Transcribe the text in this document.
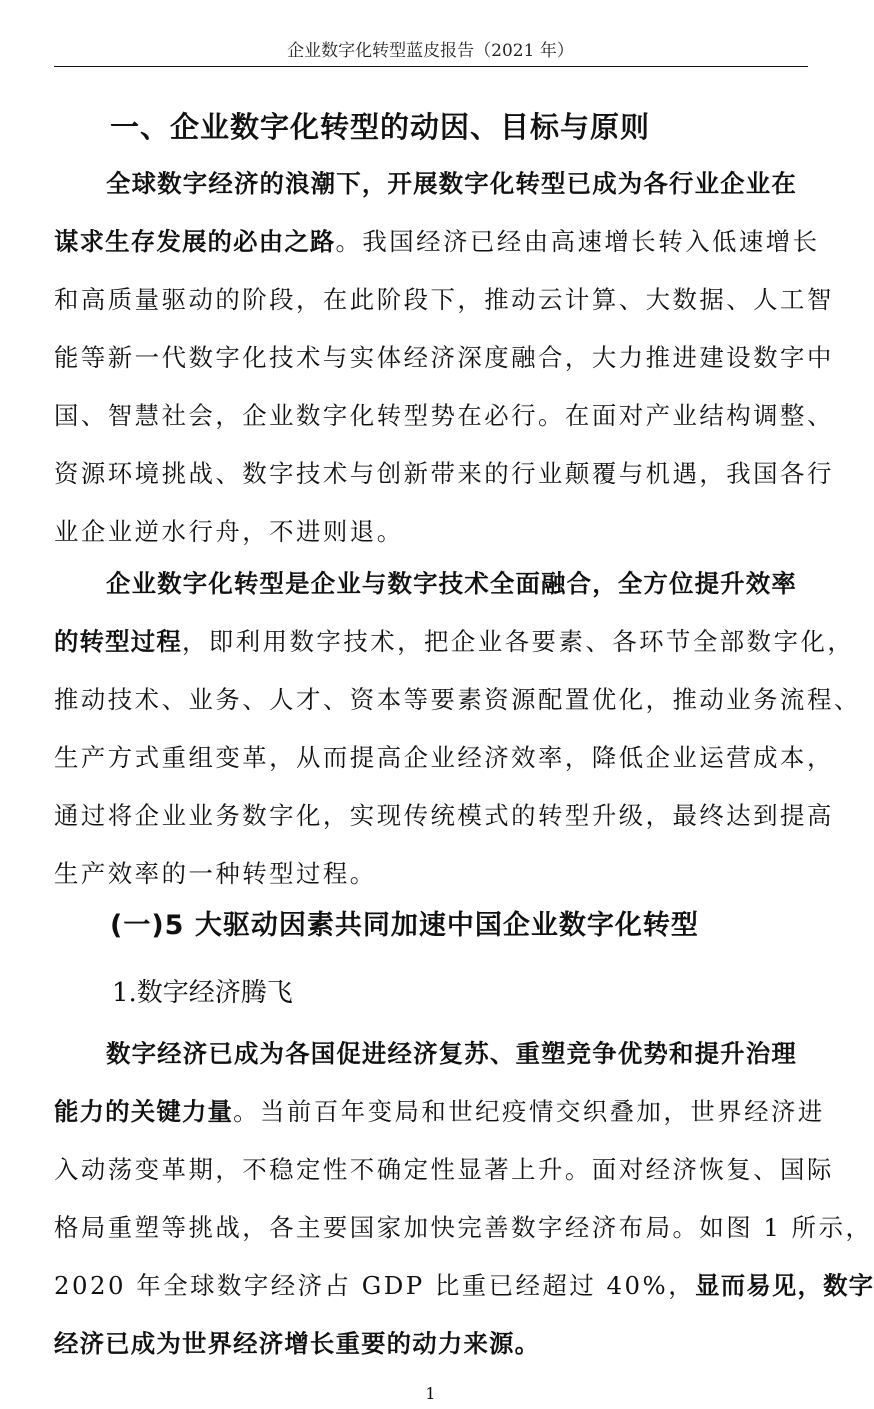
企业数字化转型蓝皮报告（2021 年）
一、企业数字化转型的动因、目标与原则
全球数字经济的浪潮下，开展数字化转型已成为各行业企业在
谋求生存发展的必由之路。我国经济已经由高速增长转入低速增长
和高质量驱动的阶段，在此阶段下，推动云计算、大数据、人工智
能等新一代数字化技术与实体经济深度融合，大力推进建设数字中
国、智慧社会，企业数字化转型势在必行。在面对产业结构调整、
资源环境挑战、数字技术与创新带来的行业颠覆与机遇，我国各行
业企业逆水行舟，不进则退。
企业数字化转型是企业与数字技术全面融合，全方位提升效率
的转型过程，即利用数字技术，把企业各要素、各环节全部数字化，
推动技术、业务、人才、资本等要素资源配置优化，推动业务流程、
生产方式重组变革，从而提高企业经济效率，降低企业运营成本，
通过将企业业务数字化，实现传统模式的转型升级，最终达到提高
生产效率的一种转型过程。
(一)5 大驱动因素共同加速中国企业数字化转型
1.数字经济腾飞
数字经济已成为各国促进经济复苏、重塑竞争优势和提升治理
能力的关键力量。当前百年变局和世纪疫情交织叠加，世界经济进
入动荡变革期，不稳定性不确定性显著上升。面对经济恢复、国际
格局重塑等挑战，各主要国家加快完善数字经济布局。如图 1 所示，
2020 年全球数字经济占 GDP 比重已经超过 40%，显而易见，数字
经济已成为世界经济增长重要的动力来源。
1
